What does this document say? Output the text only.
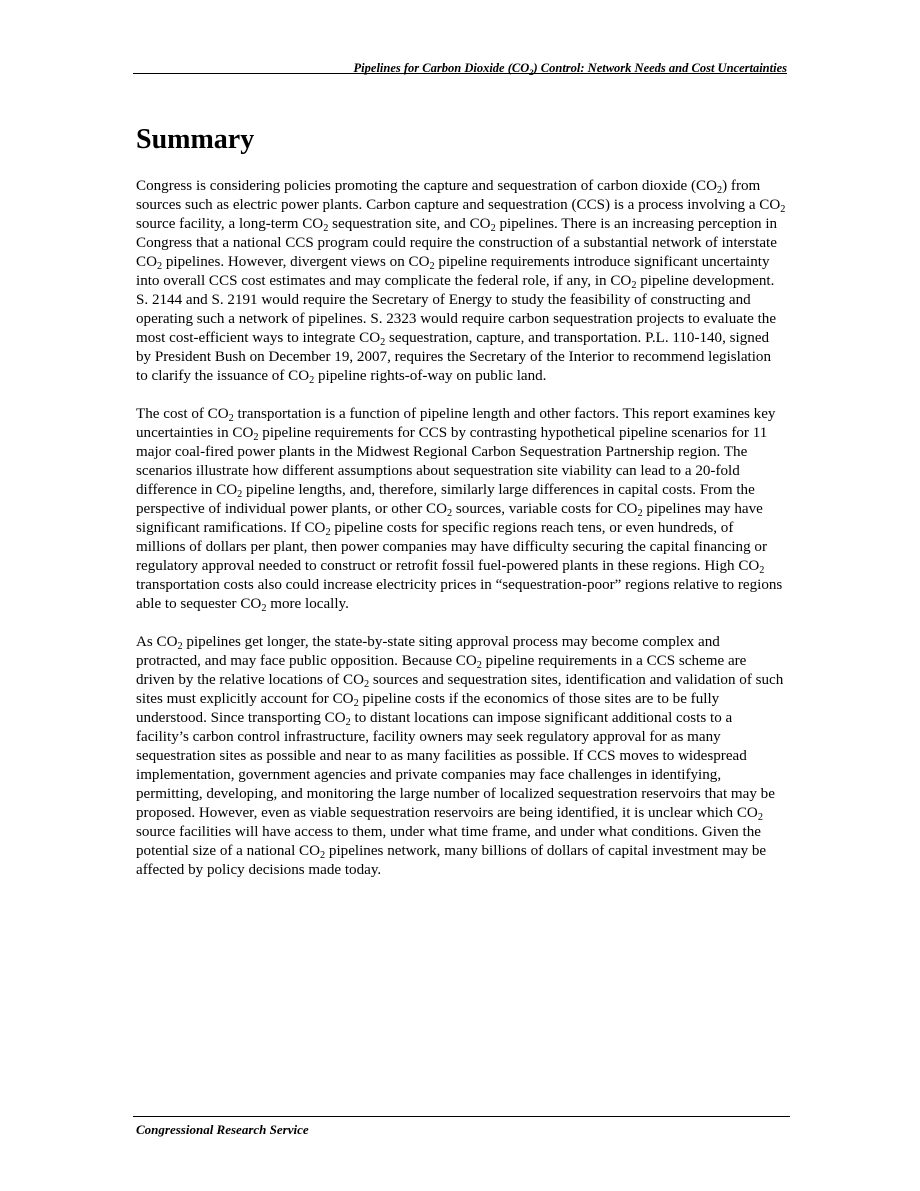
Pipelines for Carbon Dioxide $(CO_2)$ Control: Network Needs and Cost Uncertainties
Summary

Congress is considering policies promoting the capture and sequestration of carbon dioxide $(CO_2)$ from sources such as electric power plants. Carbon capture and sequestration (CCS) is a process involving a $CO_2$ source facility, a long-term $CO_2$ sequestration site, and $CO_2$ pipelines. There is an increasing perception in Congress that a national CCS program could require the construction of a substantial network of interstate $CO_2$ pipelines. However, divergent views on $CO_2$ pipeline requirements introduce significant uncertainty into overall CCS cost estimates and may complicate the federal role, if any, in $CO_2$ pipeline development. S. 2144 and S. 2191 would require the Secretary of Energy to study the feasibility of constructing and operating such a network of pipelines. S. 2323 would require carbon sequestration projects to evaluate the most cost-efficient ways to integrate $CO_2$ sequestration, capture, and transportation. P.L. 110-140, signed by President Bush on December 19, 2007, requires the Secretary of the Interior to recommend legislation to clarify the issuance of $CO_2$ pipeline rights-of-way on public land.

The cost of $CO_2$ transportation is a function of pipeline length and other factors. This report examines key uncertainties in $CO_2$ pipeline requirements for CCS by contrasting hypothetical pipeline scenarios for 11 major coal-fired power plants in the Midwest Regional Carbon Sequestration Partnership region. The scenarios illustrate how different assumptions about sequestration site viability can lead to a 20-fold difference in $CO_2$ pipeline lengths, and, therefore, similarly large differences in capital costs. From the perspective of individual power plants, or other $CO_2$ sources, variable costs for $CO_2$ pipelines may have significant ramifications. If $CO_2$ pipeline costs for specific regions reach tens, or even hundreds, of millions of dollars per plant, then power companies may have difficulty securing the capital financing or regulatory approval needed to construct or retrofit fossil fuel-powered plants in these regions. High $CO_2$ transportation costs also could increase electricity prices in “sequestration-poor” regions relative to regions able to sequester $CO_2$ more locally.

As $CO_2$ pipelines get longer, the state-by-state siting approval process may become complex and protracted, and may face public opposition. Because $CO_2$ pipeline requirements in a CCS scheme are driven by the relative locations of $CO_2$ sources and sequestration sites, identification and validation of such sites must explicitly account for $CO_2$ pipeline costs if the economics of those sites are to be fully understood. Since transporting $CO_2$ to distant locations can impose significant additional costs to a facility’s carbon control infrastructure, facility owners may seek regulatory approval for as many sequestration sites as possible and near to as many facilities as possible. If CCS moves to widespread implementation, government agencies and private companies may face challenges in identifying, permitting, developing, and monitoring the large number of localized sequestration reservoirs that may be proposed. However, even as viable sequestration reservoirs are being identified, it is unclear which $CO_2$ source facilities will have access to them, under what time frame, and under what conditions. Given the potential size of a national $CO_2$ pipelines network, many billions of dollars of capital investment may be affected by policy decisions made today.

Congressional Research Service
